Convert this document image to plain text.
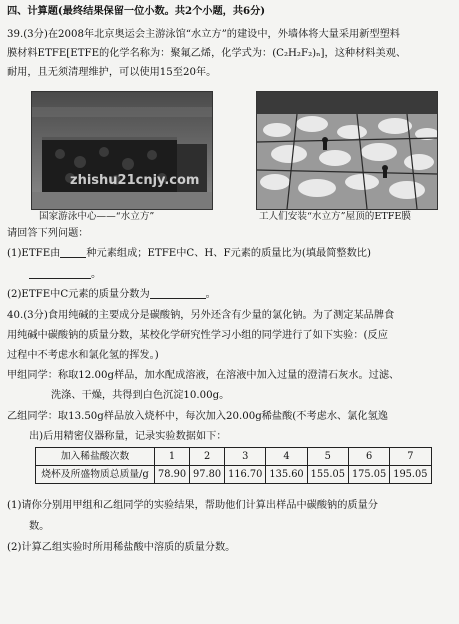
四、计算题(最终结果保留一位小数。共2个小题，共6分)
39.(3分)在2008年北京奥运会主游泳馆“水立方”的建设中，外墙体将大量采用新型塑料
膜材料ETFE[ETFE的化学名称为：聚氟乙烯，化学式为：(C₂H₂F₂)ₙ]，这种材料美观、
耐用，且无须清理维护，可以使用15至20年。
zhishu21cnjy.com
国家游泳中心——“水立方”	工人们安装“水立方”屋顶的ETFE膜
请回答下列问题：
(1)ETFE由	种元素组成；ETFE中C、H、F元素的质量比为(填最简整数比)
。
(2)ETFE中C元素的质量分数为	。
40.(3分)食用纯碱的主要成分是碳酸钠，另外还含有少量的氯化钠。为了测定某品牌食
用纯碱中碳酸钠的质量分数，某校化学研究性学习小组的同学进行了如下实验：(反应
过程中不考虑水和氯化氢的挥发。)
甲组同学：称取12.00g样品，加水配成溶液，在溶液中加入过量的澄清石灰水。过滤、
洗涤、干燥，共得到白色沉淀10.00g。
乙组同学：取13.50g样品放入烧杯中，每次加入20.00g稀盐酸(不考虑水、氯化氢逸
出)后用精密仪器称量，记录实验数据如下：
加入稀盐酸次数	1	2	3	4	5	6	7
烧杯及所盛物质总质量/g	78.90	97.80	116.70	135.60	155.05	175.05	195.05
(1)请你分别用甲组和乙组同学的实验结果，帮助他们计算出样品中碳酸钠的质量分
数。
(2)计算乙组实验时所用稀盐酸中溶质的质量分数。
